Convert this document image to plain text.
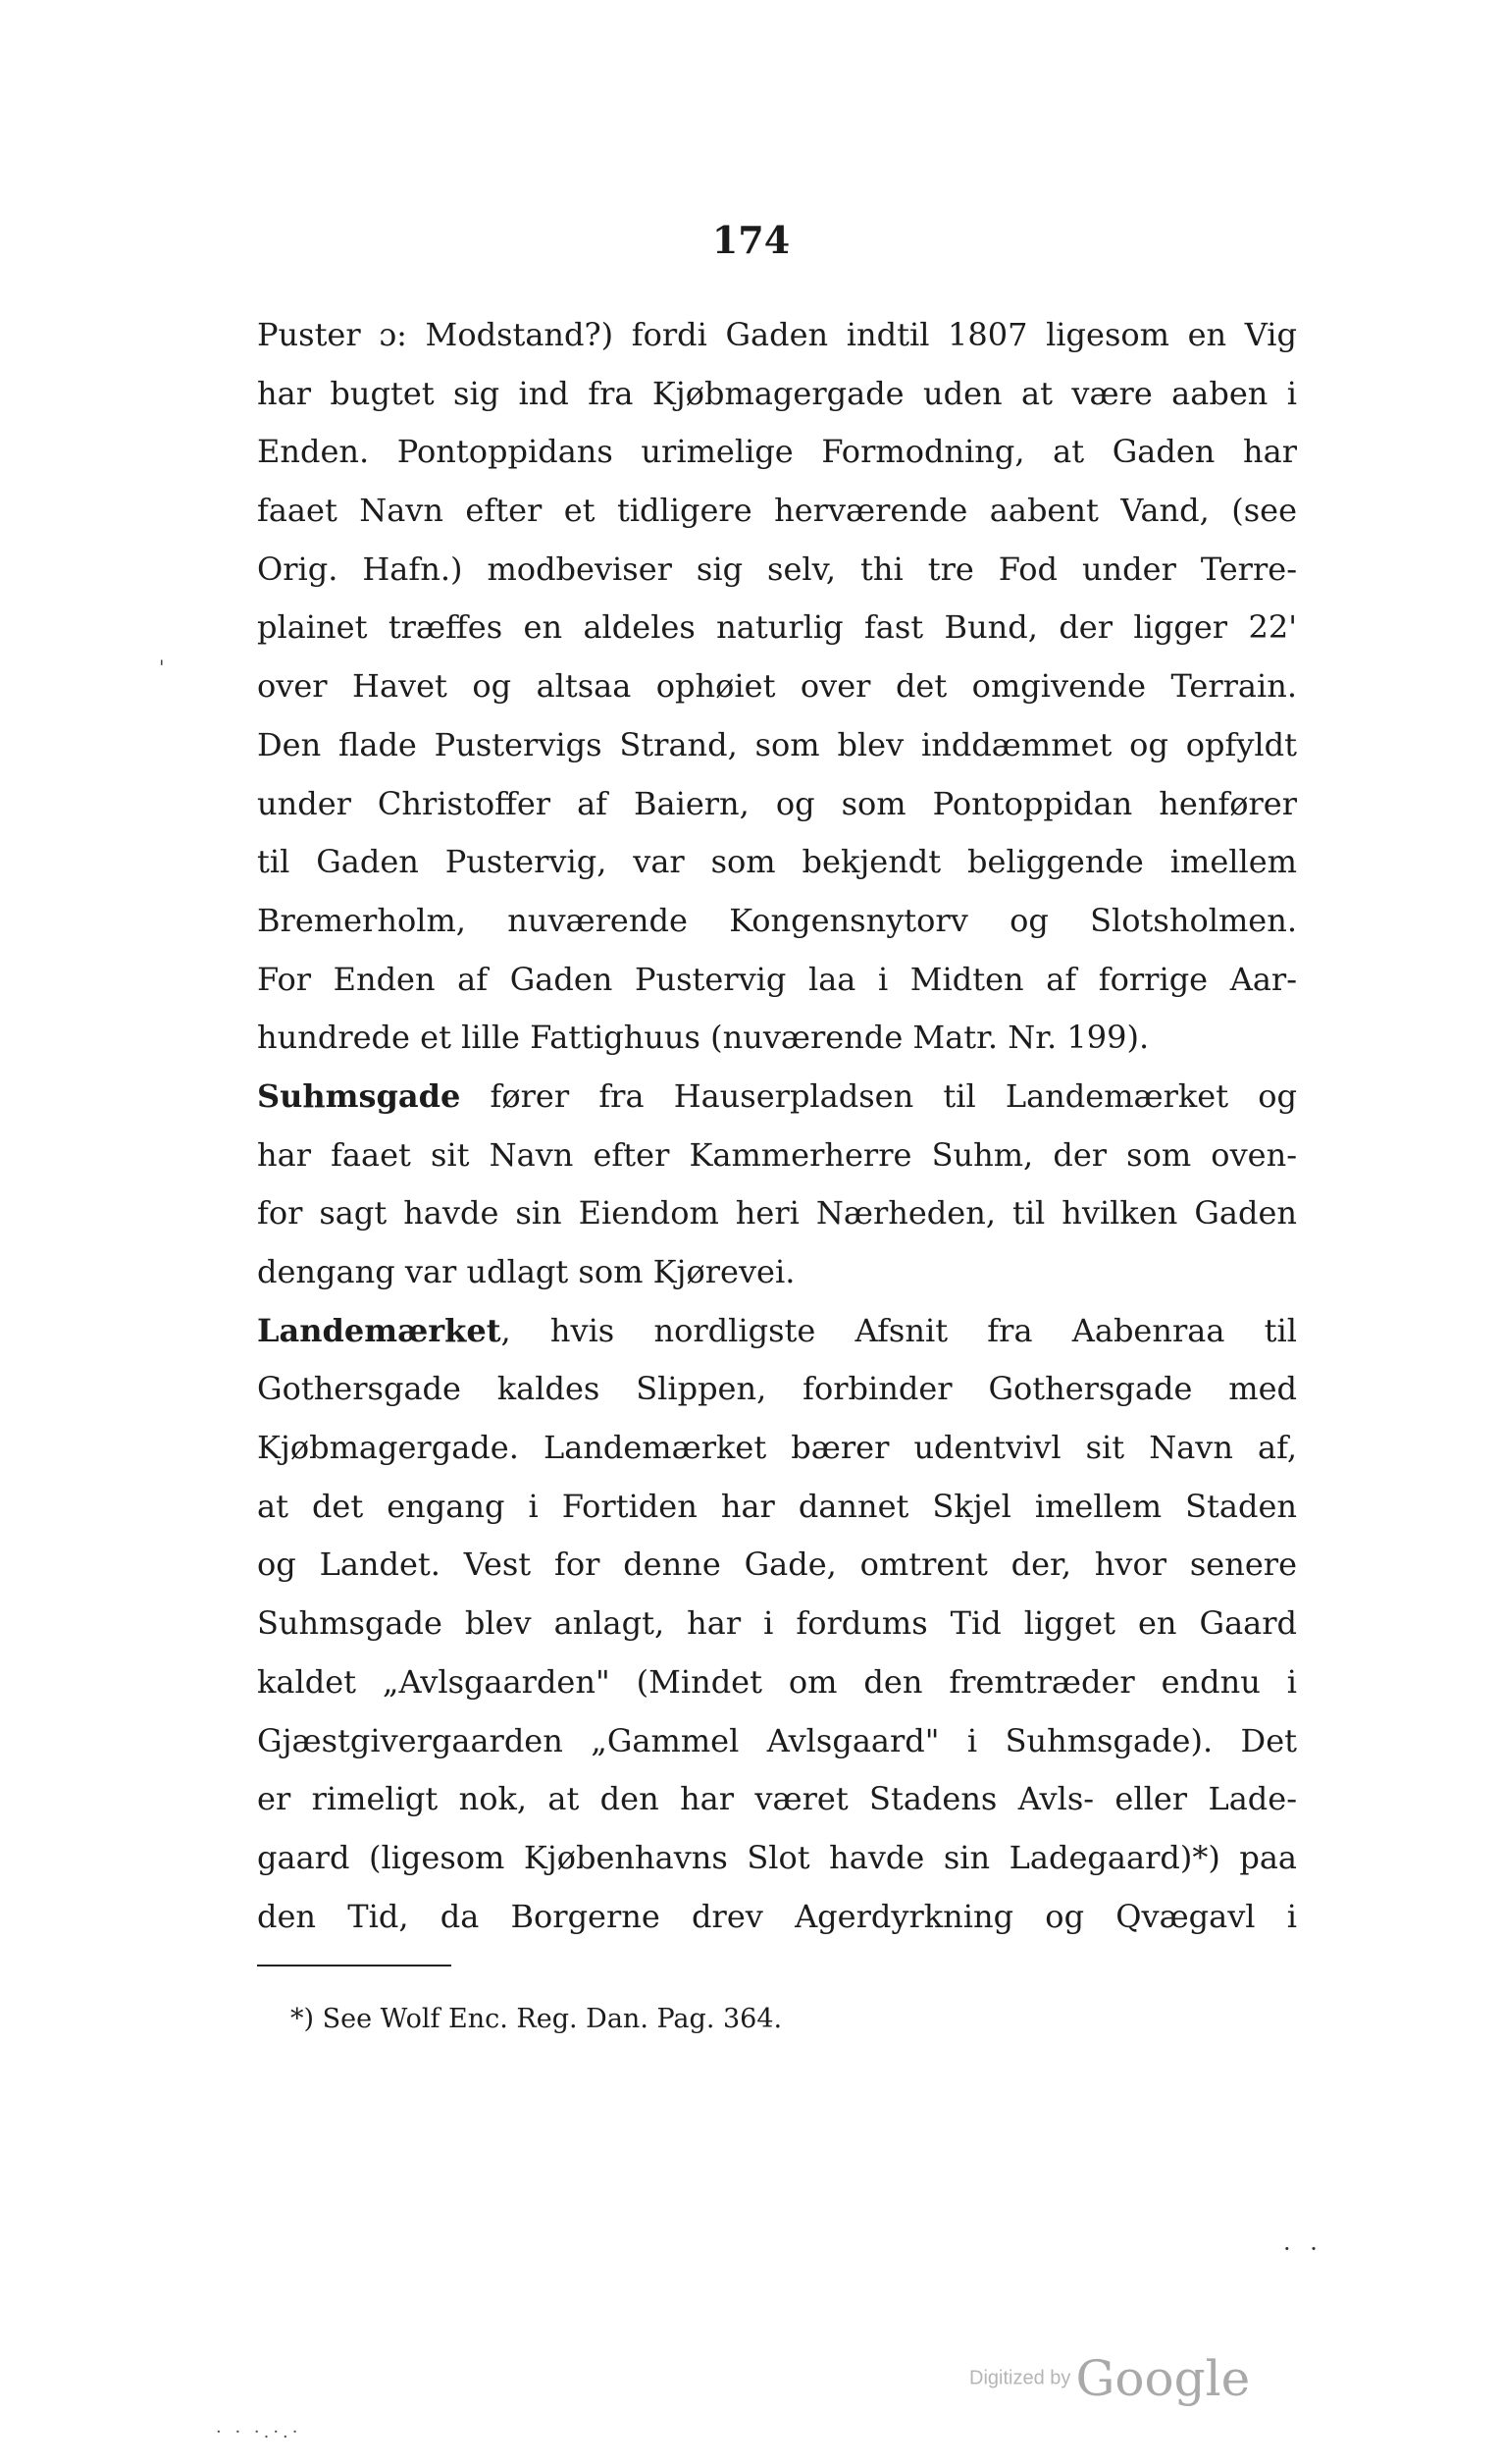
174
'
Puster ɔ: Modstand?) fordi Gaden indtil 1807 ligesom en Vig
har bugtet sig ind fra Kjøbmagergade uden at være aaben i
Enden. Pontoppidans urimelige Formodning, at Gaden har
faaet Navn efter et tidligere herværende aabent Vand, (see
Orig. Hafn.) modbeviser sig selv, thi tre Fod under Terre-
plainet træffes en aldeles naturlig fast Bund, der ligger 22'
over Havet og altsaa ophøiet over det omgivende Terrain.
Den flade Pustervigs Strand, som blev inddæmmet og opfyldt
under Christoffer af Baiern, og som Pontoppidan henfører
til Gaden Pustervig, var som bekjendt beliggende imellem
Bremerholm, nuværende Kongensnytorv og Slotsholmen.
For Enden af Gaden Pustervig laa i Midten af forrige Aar-
hundrede et lille Fattighuus (nuværende Matr. Nr. 199).
Suhmsgade fører fra Hauserpladsen til Landemærket og
har faaet sit Navn efter Kammerherre Suhm, der som oven-
for sagt havde sin Eiendom heri Nærheden, til hvilken Gaden
dengang var udlagt som Kjørevei.
Landemærket, hvis nordligste Afsnit fra Aabenraa til
Gothersgade kaldes Slippen, forbinder Gothersgade med
Kjøbmagergade. Landemærket bærer udentvivl sit Navn af,
at det engang i Fortiden har dannet Skjel imellem Staden
og Landet. Vest for denne Gade, omtrent der, hvor senere
Suhmsgade blev anlagt, har i fordums Tid ligget en Gaard
kaldet „Avlsgaarden" (Mindet om den fremtræder endnu i
Gjæstgivergaarden „Gammel Avlsgaard" i Suhmsgade). Det
er rimeligt nok, at den har været Stadens Avls- eller Lade-
gaard (ligesom Kjøbenhavns Slot havde sin Ladegaard)*) paa
den Tid, da Borgerne drev Agerdyrkning og Qvægavl i
*) See Wolf Enc. Reg. Dan. Pag. 364.
· ·
Digitized by Google
· · ·.·.·
